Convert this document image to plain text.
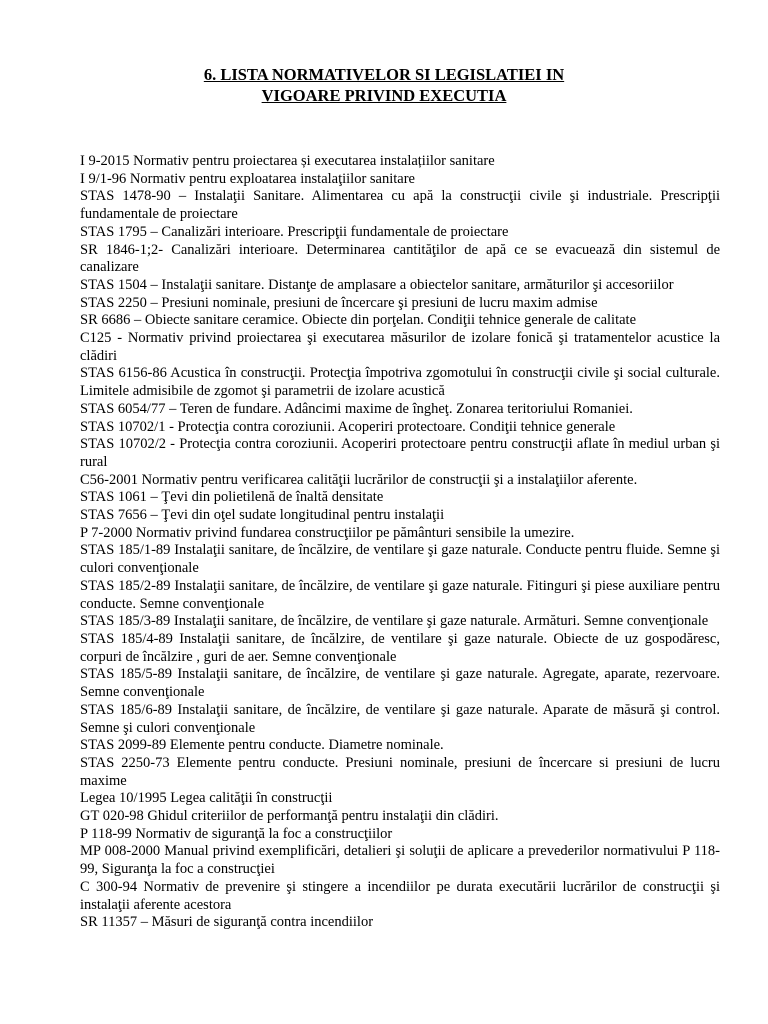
6. LISTA NORMATIVELOR SI LEGISLATIEI IN
VIGOARE PRIVIND EXECUTIA

I 9-2015 Normativ pentru proiectarea și executarea instalațiilor sanitare

I 9/1-96 Normativ pentru exploatarea instalaţiilor sanitare

STAS 1478-90 – Instalaţii Sanitare. Alimentarea cu apă la construcţii civile şi industriale. Prescripţii fundamentale de proiectare

STAS 1795 – Canalizări interioare. Prescripţii fundamentale de proiectare

SR 1846-1;2- Canalizări interioare. Determinarea cantităţilor de apă ce se evacuează din sistemul de canalizare

STAS 1504 – Instalaţii sanitare. Distanţe de amplasare a obiectelor sanitare, armăturilor şi accesoriilor

STAS 2250 – Presiuni nominale, presiuni de încercare şi presiuni de lucru maxim admise

SR 6686 – Obiecte sanitare ceramice. Obiecte din porţelan. Condiţii tehnice generale de calitate

C125 - Normativ privind proiectarea şi executarea măsurilor de izolare fonică şi tratamentelor acustice la clădiri

STAS 6156-86 Acustica în construcţii. Protecţia împotriva zgomotului în construcţii civile şi social culturale. Limitele admisibile de zgomot şi parametrii de izolare acustică

STAS 6054/77 – Teren de fundare. Adâncimi maxime de îngheţ. Zonarea teritoriului Romaniei.

STAS 10702/1 - Protecţia contra coroziunii. Acoperiri protectoare. Condiţii tehnice generale

STAS 10702/2 - Protecţia contra coroziunii. Acoperiri protectoare pentru construcţii aflate în mediul urban şi rural

C56-2001 Normativ pentru verificarea calităţii lucrărilor de construcţii şi a instalaţiilor aferente.

STAS 1061 – Ţevi din polietilenă de înaltă densitate

STAS 7656 – Ţevi din oţel sudate longitudinal pentru instalaţii

P 7-2000 Normativ privind fundarea construcţiilor pe pământuri sensibile la umezire.

STAS 185/1-89 Instalaţii sanitare, de încălzire, de ventilare şi gaze naturale. Conducte pentru fluide. Semne şi culori convenţionale

STAS 185/2-89 Instalaţii sanitare, de încălzire, de ventilare şi gaze naturale. Fitinguri şi piese auxiliare pentru conducte. Semne convenţionale

STAS 185/3-89 Instalaţii sanitare, de încălzire, de ventilare şi gaze naturale. Armături. Semne convenţionale

STAS 185/4-89 Instalaţii sanitare, de încălzire, de ventilare şi gaze naturale. Obiecte de uz gospodăresc, corpuri de încălzire , guri de aer. Semne convenţionale

STAS 185/5-89 Instalaţii sanitare, de încălzire, de ventilare şi gaze naturale. Agregate, aparate, rezervoare. Semne convenţionale

STAS 185/6-89 Instalaţii sanitare, de încălzire, de ventilare şi gaze naturale. Aparate de măsură şi control. Semne şi culori convenţionale

STAS 2099-89 Elemente pentru conducte. Diametre nominale.

STAS 2250-73 Elemente pentru conducte. Presiuni nominale, presiuni de încercare si presiuni de lucru maxime

Legea 10/1995 Legea calităţii în construcţii

GT 020-98 Ghidul criteriilor de performanţă pentru instalaţii din clădiri.

P 118-99 Normativ de siguranţă la foc a construcţiilor

MP 008-2000 Manual privind exemplificări, detalieri şi soluţii de aplicare a prevederilor normativului P 118-99, Siguranţa la foc a construcţiei

C 300-94 Normativ de prevenire şi stingere a incendiilor pe durata executării lucrărilor de construcţii şi instalaţii aferente acestora

SR 11357 – Măsuri de siguranţă contra incendiilor
